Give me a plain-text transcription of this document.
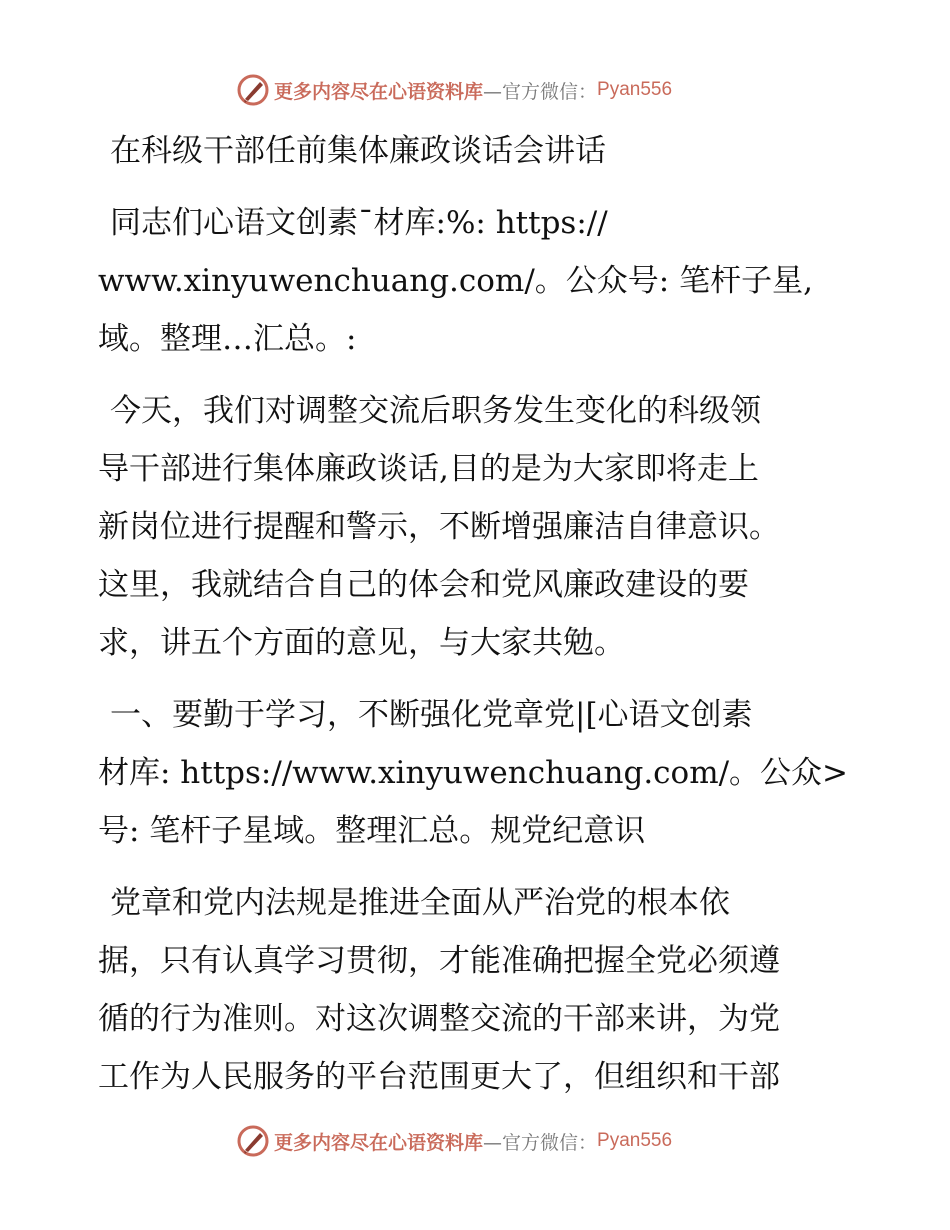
更多内容尽在心语资料库 —官方微信： Pyan556

在科级干部任前集体廉政谈话会讲话

同志们心语文创素¯材库:%: https://

www.xinyuwenchuang.com/。公众号: 笔杆子星,

域。整理…汇总。:

今天，我们对调整交流后职务发生变化的科级领

导干部进行集体廉政谈话,目的是为大家即将走上

新岗位进行提醒和警示，不断增强廉洁自律意识。

这里，我就结合自己的体会和党风廉政建设的要

求，讲五个方面的意见，与大家共勉。

一、要勤于学习，不断强化党章党|[心语文创素

材库: https://www.xinyuwenchuang.com/。公众>

号: 笔杆子星域。整理汇总。规党纪意识

党章和党内法规是推进全面从严治党的根本依

据，只有认真学习贯彻，才能准确把握全党必须遵

循的行为准则。对这次调整交流的干部来讲，为党

工作为人民服务的平台范围更大了，但组织和干部

更多内容尽在心语资料库 —官方微信： Pyan556
